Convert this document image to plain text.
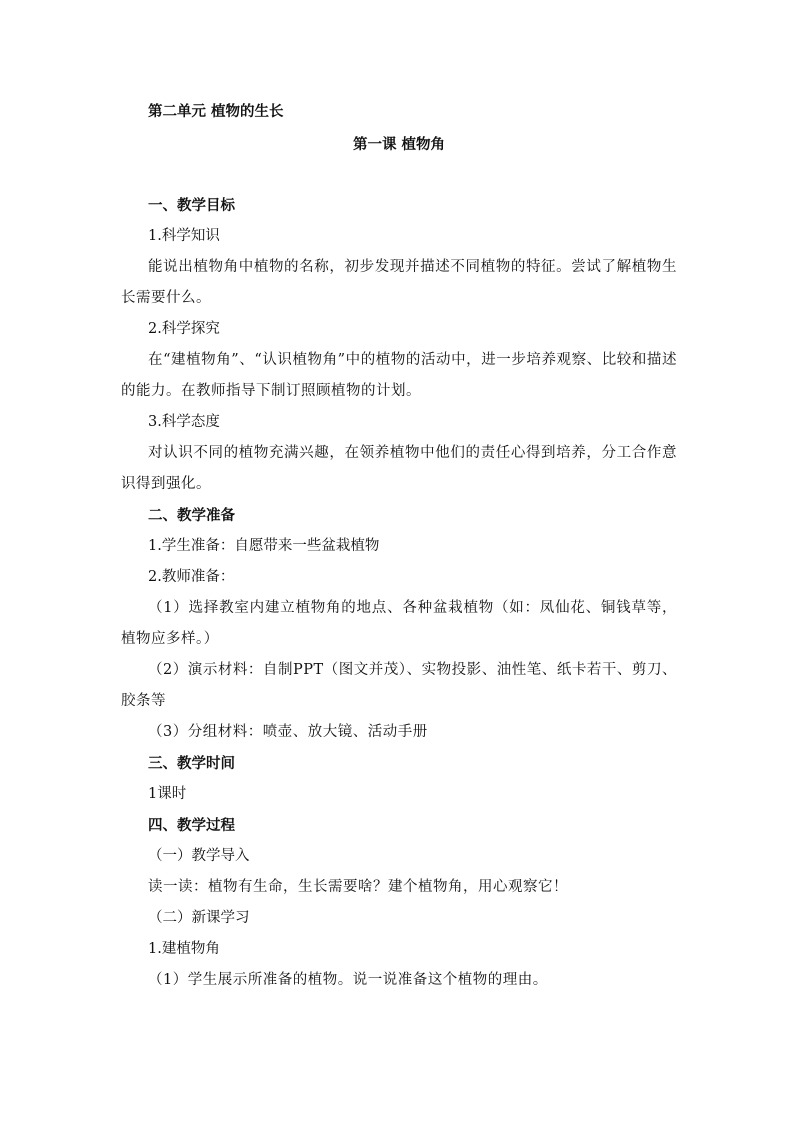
第二单元 植物的生长
第一课 植物角
一、教学目标
1.科学知识
能说出植物角中植物的名称，初步发现并描述不同植物的特征。尝试了解植物生长需要什么。
2.科学探究
在“建植物角”、“认识植物角”中的植物的活动中，进一步培养观察、比较和描述的能力。在教师指导下制订照顾植物的计划。
3.科学态度
对认识不同的植物充满兴趣，在领养植物中他们的责任心得到培养，分工合作意识得到强化。
二、教学准备
1.学生准备：自愿带来一些盆栽植物
2.教师准备：
（1）选择教室内建立植物角的地点、各种盆栽植物（如：凤仙花、铜钱草等，植物应多样。）
（2）演示材料：自制PPT（图文并茂）、实物投影、油性笔、纸卡若干、剪刀、胶条等
（3）分组材料：喷壶、放大镜、活动手册
三、教学时间
1课时
四、教学过程
（一）教学导入
读一读：植物有生命，生长需要啥？建个植物角，用心观察它！
（二）新课学习
1.建植物角
（1）学生展示所准备的植物。说一说准备这个植物的理由。
